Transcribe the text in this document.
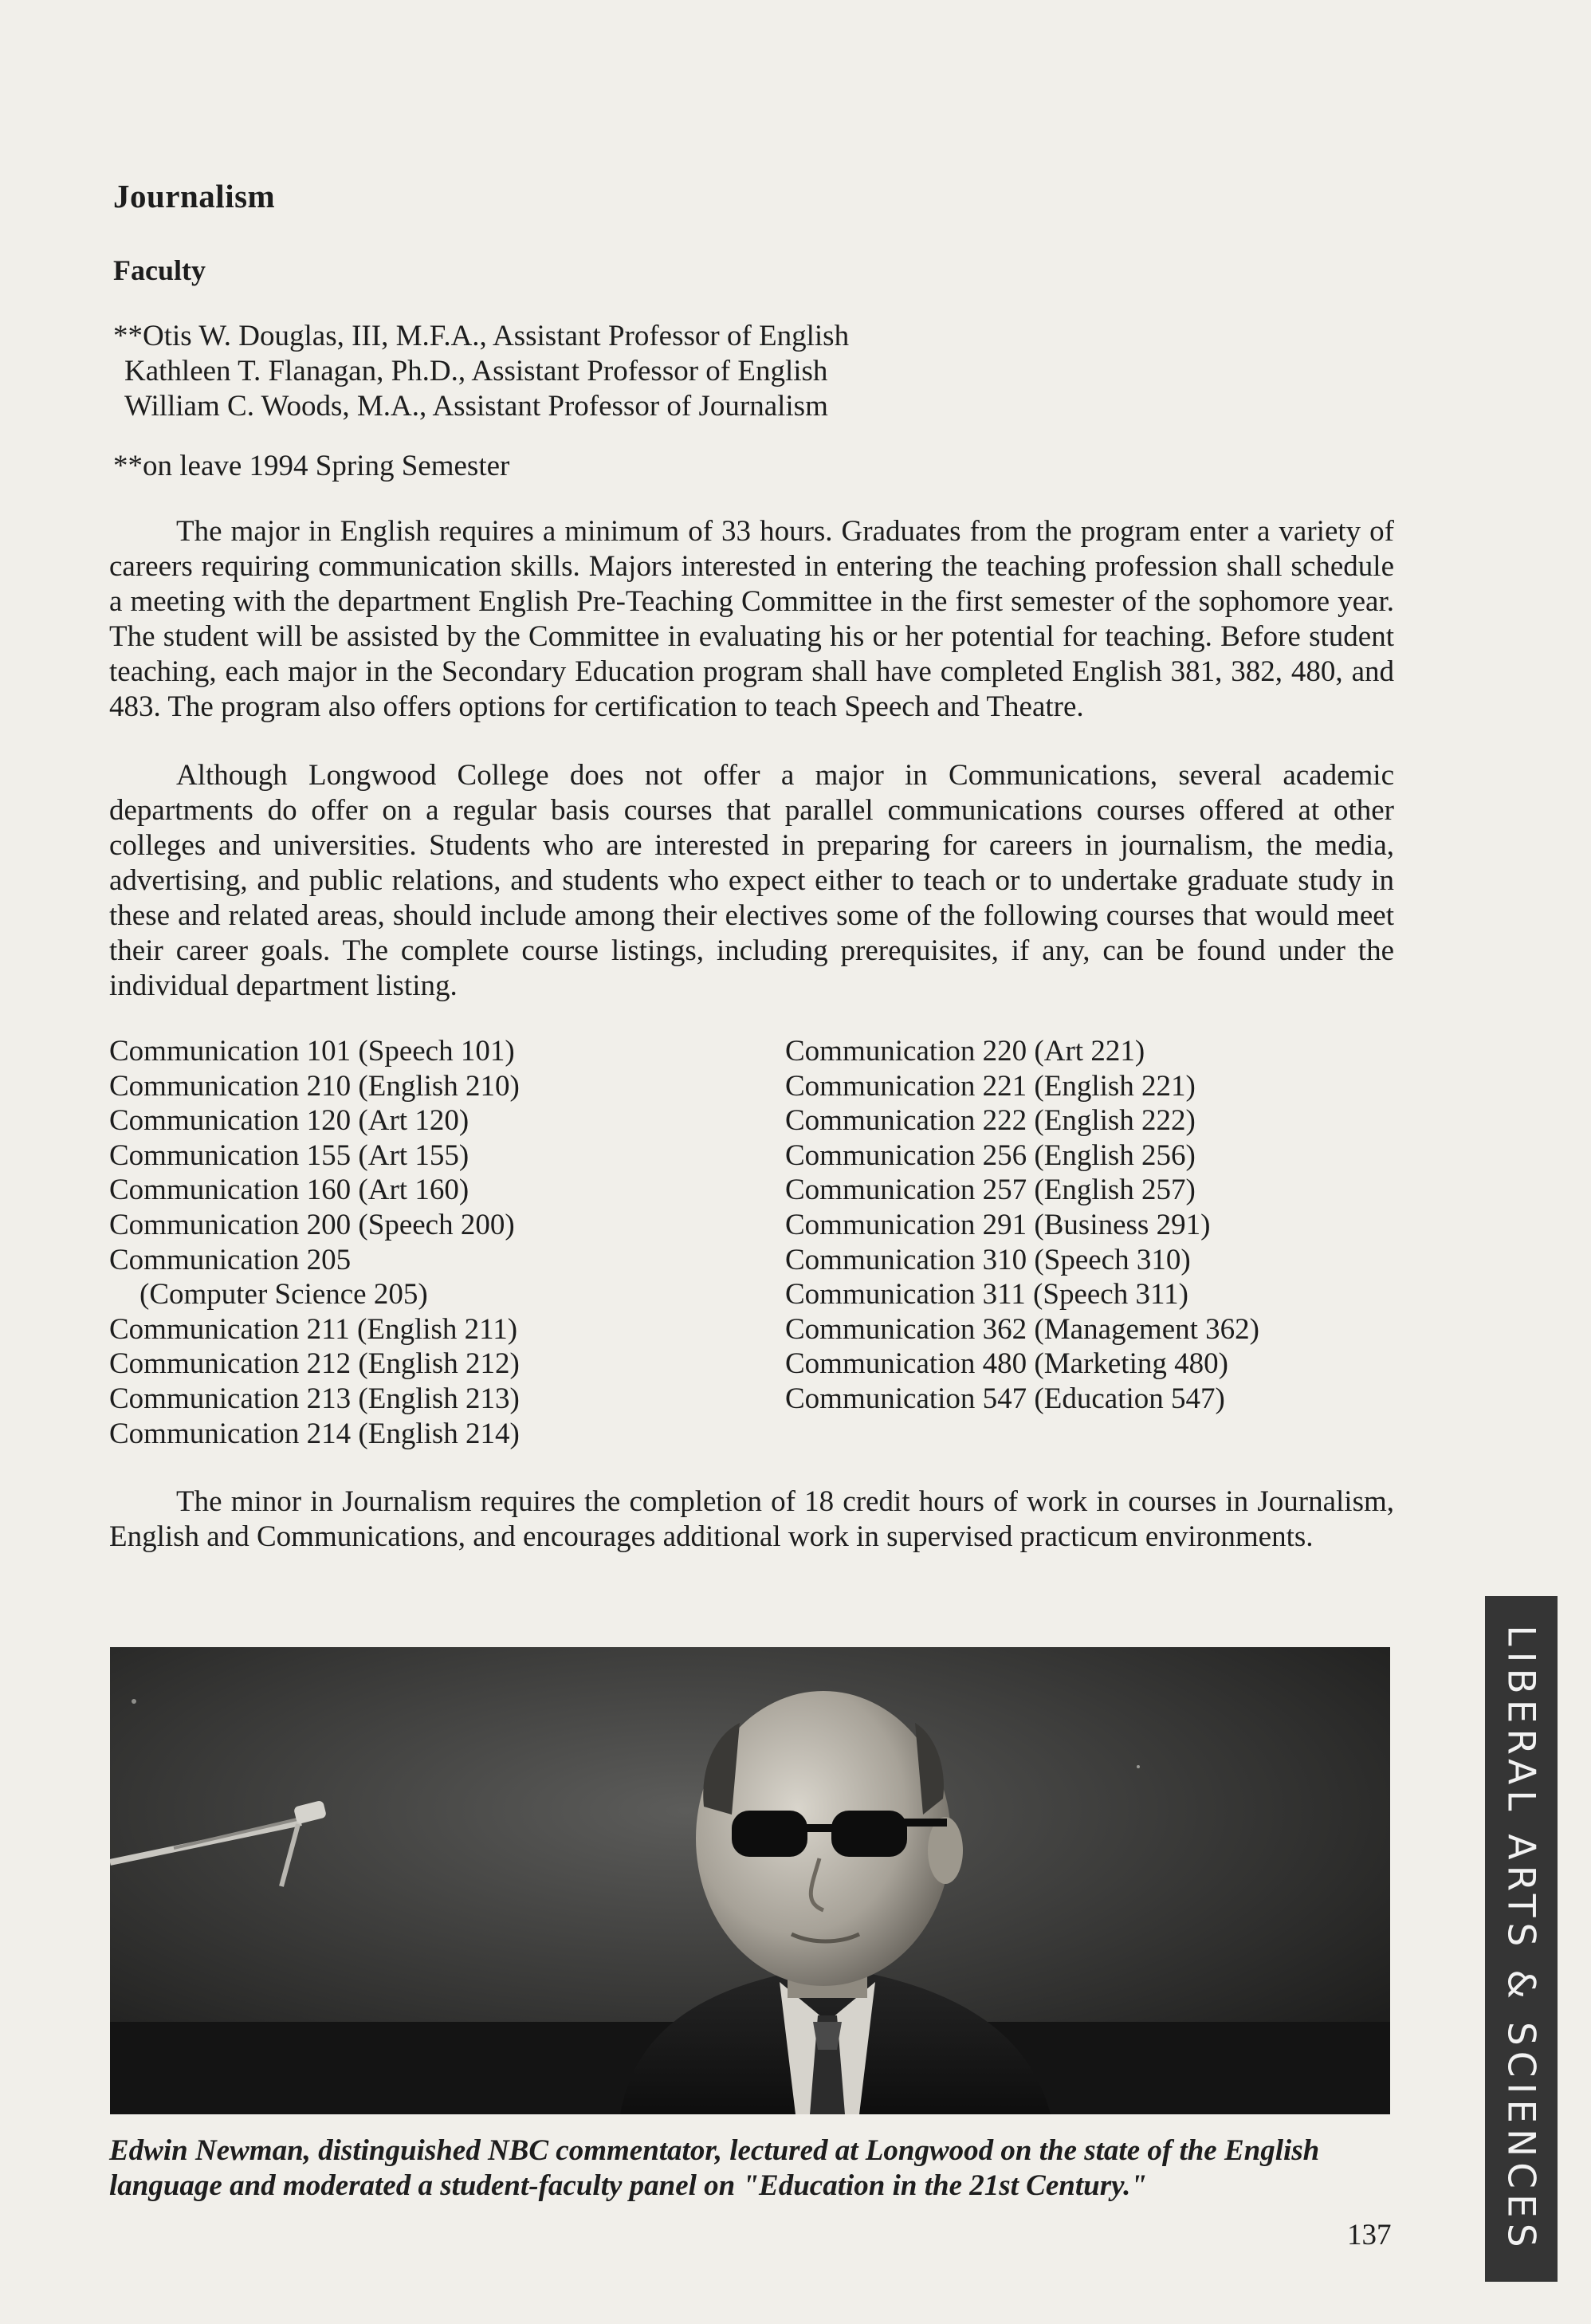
Journalism
Faculty
**Otis W. Douglas, III, M.F.A., Assistant Professor of English
Kathleen T. Flanagan, Ph.D., Assistant Professor of English
William C. Woods, M.A., Assistant Professor of Journalism
**on leave 1994 Spring Semester

The major in English requires a minimum of 33 hours. Graduates from the program enter a variety of careers requiring communication skills. Majors interested in entering the teaching profession shall schedule a meeting with the department English Pre-Teaching Committee in the first semester of the sophomore year. The student will be assisted by the Committee in evaluating his or her potential for teaching. Before student teaching, each major in the Secondary Education program shall have completed English 381, 382, 480, and 483. The program also offers options for certification to teach Speech and Theatre.

Although Longwood College does not offer a major in Communications, several academic departments do offer on a regular basis courses that parallel communications courses offered at other colleges and universities. Students who are interested in preparing for careers in journalism, the media, advertising, and public relations, and students who expect either to teach or to undertake graduate study in these and related areas, should include among their electives some of the following courses that would meet their career goals. The complete course listings, including prerequisites, if any, can be found under the individual department listing.

Communication 101 (Speech 101)
Communication 210 (English 210)
Communication 120 (Art 120)
Communication 155 (Art 155)
Communication 160 (Art 160)
Communication 200 (Speech 200)
Communication 205
(Computer Science 205)
Communication 211 (English 211)
Communication 212 (English 212)
Communication 213 (English 213)
Communication 214 (English 214)
Communication 220 (Art 221)
Communication 221 (English 221)
Communication 222 (English 222)
Communication 256 (English 256)
Communication 257 (English 257)
Communication 291 (Business 291)
Communication 310 (Speech 310)
Communication 311 (Speech 311)
Communication 362 (Management 362)
Communication 480 (Marketing 480)
Communication 547 (Education 547)

The minor in Journalism requires the completion of 18 credit hours of work in courses in Journalism, English and Communications, and encourages additional work in supervised practicum environments.

Edwin Newman, distinguished NBC commentator, lectured at Longwood on the state of the English language and moderated a student-faculty panel on "Education in the 21st Century."
137	LIBERAL ARTS & SCIENCES
